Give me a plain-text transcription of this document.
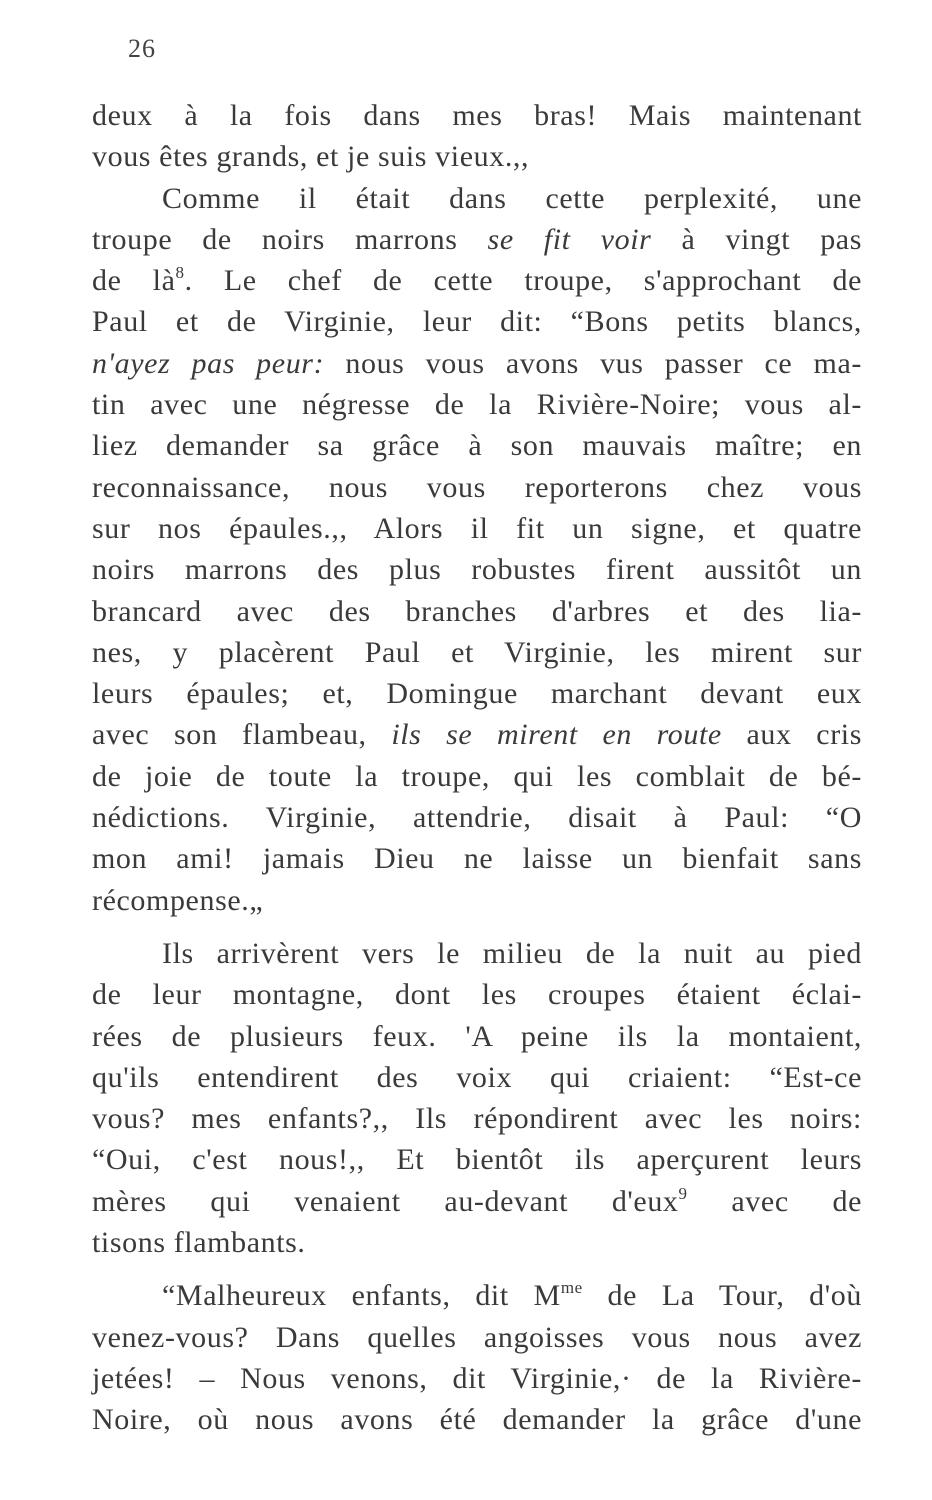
26
deux à la fois dans mes bras! Mais maintenant
vous êtes grands, et je suis vieux.,,
Comme il était dans cette perplexité, une
troupe de noirs marrons se fit voir à vingt pas
de $là^8$. Le chef de cette troupe, s'approchant de
Paul et de Virginie, leur dit: “Bons petits blancs,
n'ayez pas peur: nous vous avons vus passer ce ma-
tin avec une négresse de la Rivière-Noire; vous al-
liez demander sa grâce à son mauvais maître; en
reconnaissance, nous vous reporterons chez vous
sur nos épaules.,, Alors il fit un signe, et quatre
noirs marrons des plus robustes firent aussitôt un
brancard avec des branches d'arbres et des lia-
nes, y placèrent Paul et Virginie, les mirent sur
leurs épaules; et, Domingue marchant devant eux
avec son flambeau, ils se mirent en route aux cris
de joie de toute la troupe, qui les comblait de bé-
nédictions. Virginie, attendrie, disait à Paul: “O
mon ami! jamais Dieu ne laisse un bienfait sans
récompense.„
Ils arrivèrent vers le milieu de la nuit au pied
de leur montagne, dont les croupes étaient éclai-
rées de plusieurs feux. 'A peine ils la montaient,
qu'ils entendirent des voix qui criaient: “Est-ce
vous? mes enfants?,, Ils répondirent avec les noirs:
“Oui, c'est nous!,, Et bientôt ils aperçurent leurs
mères qui venaient au-devant d'eux$^9$ avec de
tisons flambants.
“Malheureux enfants, dit $M^{me}$ de La Tour, d'où
venez-vous? Dans quelles angoisses vous nous avez
jetées! – Nous venons, dit Virginie,· de la Rivière-
Noire, où nous avons été demander la grâce d'une
